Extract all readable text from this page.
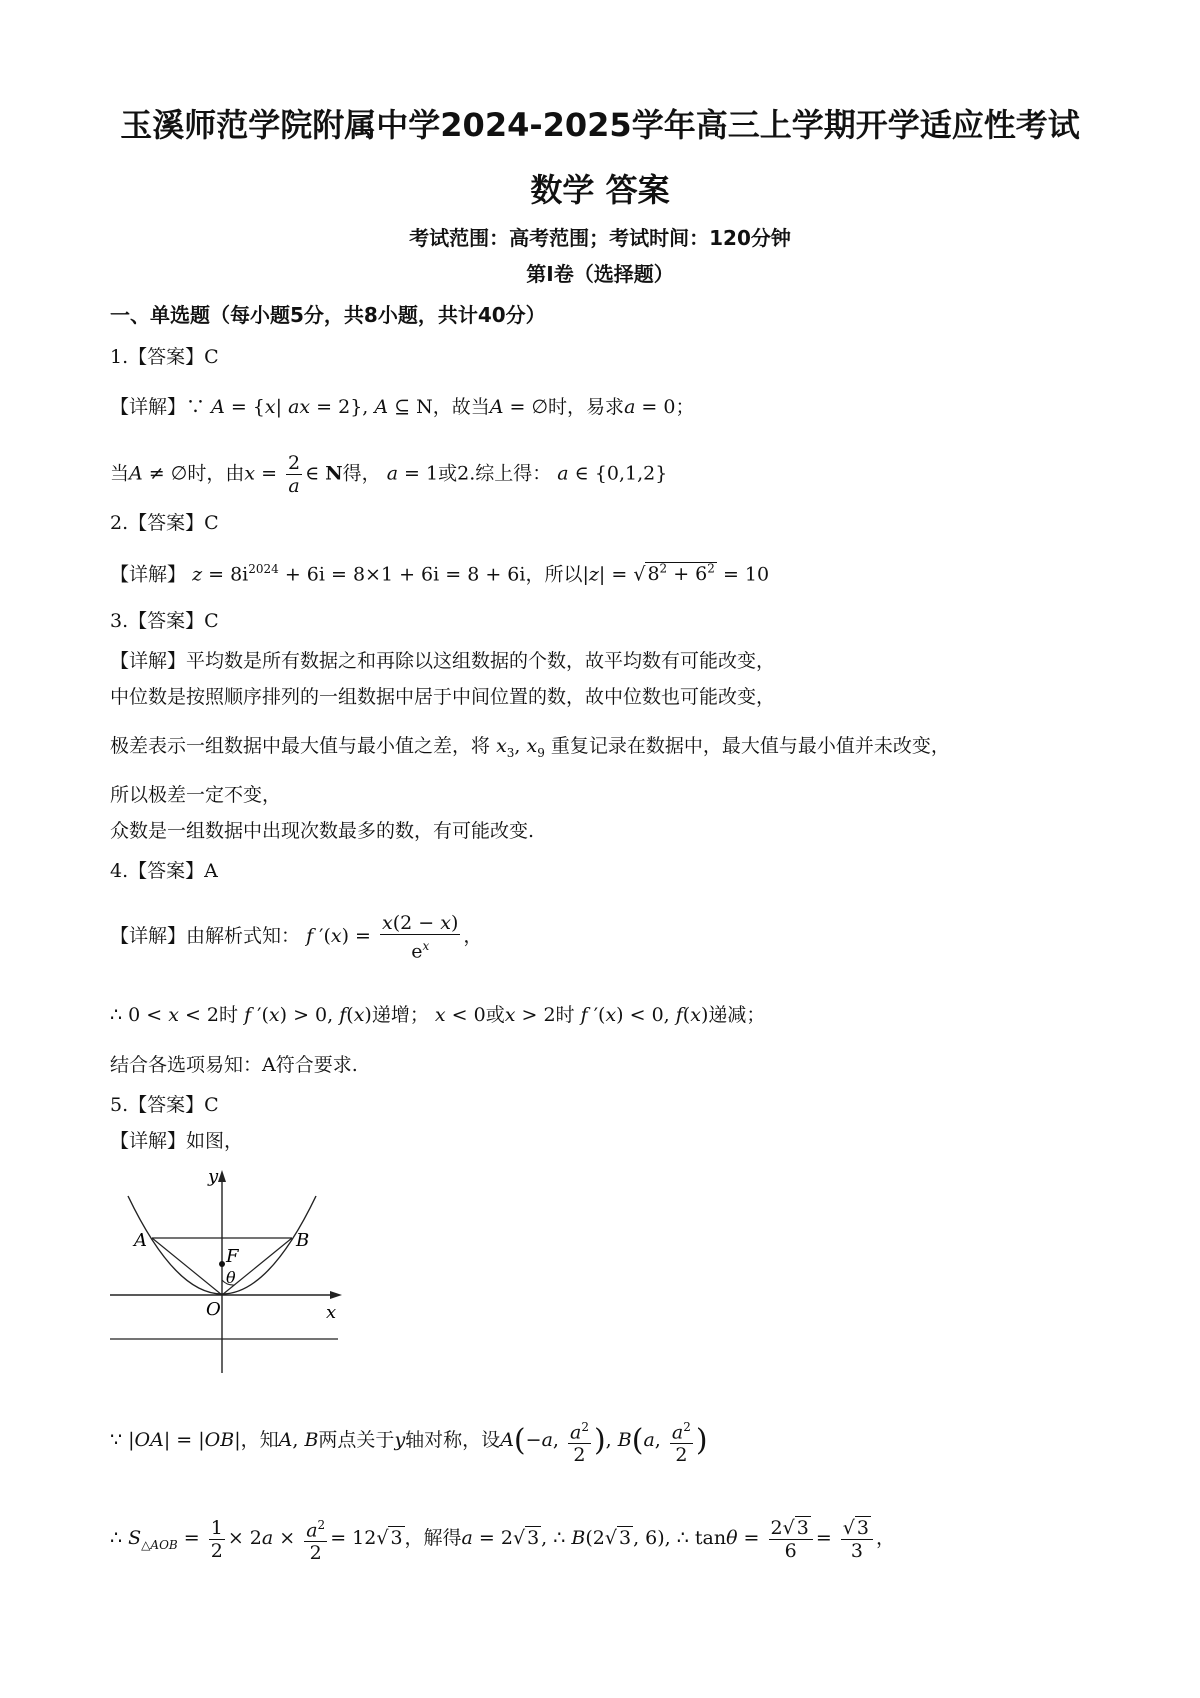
玉溪师范学院附属中学2024-2025学年高三上学期开学适应性考试
数学 答案
考试范围：高考范围；考试时间：120分钟
第I卷（选择题）
一、单选题（每小题5分，共8小题，共计40分）
1.【答案】C
【详解】∵ A = {x| ax = 2}, A ⊆ N，故当A = ∅时，易求a = 0；
当A ≠ ∅时，由$x = \frac{2}{a}$ ∈ N得， a = 1或2.综上得： a ∈ {0,1,2}
2.【答案】C
【详解】 $z = 8i^{2024} + 6i = 8\times 1 + 6i = 8 + 6i$，所以|z| = √ $8^2 + 6^2 = 10$
3.【答案】C
【详解】平均数是所有数据之和再除以这组数据的个数，故平均数有可能改变，
中位数是按照顺序排列的一组数据中居于中间位置的数，故中位数也可能改变，
极差表示一组数据中最大值与最小值之差，将 $x_3$, $x_9$ 重复记录在数据中，最大值与最小值并未改变，
所以极差一定不变，
众数是一组数据中出现次数最多的数，有可能改变.
4.【答案】A
【详解】由解析式知： f $'(x) = \frac{x(2 - x)}{e^x}$ ，
∴ 0 < x < 2时 f ′(x) > 0, f(x)递增； x < 0或x > 2时 f ′(x) < 0, f(x)递减；
结合各选项易知：A符合要求.
5.【答案】C
【详解】如图，
y
x
O
A	B
F
θ
∵ |OA| = |OB|，知A, B两点关于y轴对称，设A(−a, $\frac{a^2}{2}$ ), B(a, $\frac{a^2}{2}$ )
∴ $S_{\triangle AOB} = \frac{1}{2} \times 2a \times \frac{a^2}{2} = 12√$ 3 ，解得a = 2√ 3 , ∴ B(2√ 3 , 6), ∴ $\tan\theta = \frac{2√ 3}{6} = \frac{√ 3}{3}$ ，
